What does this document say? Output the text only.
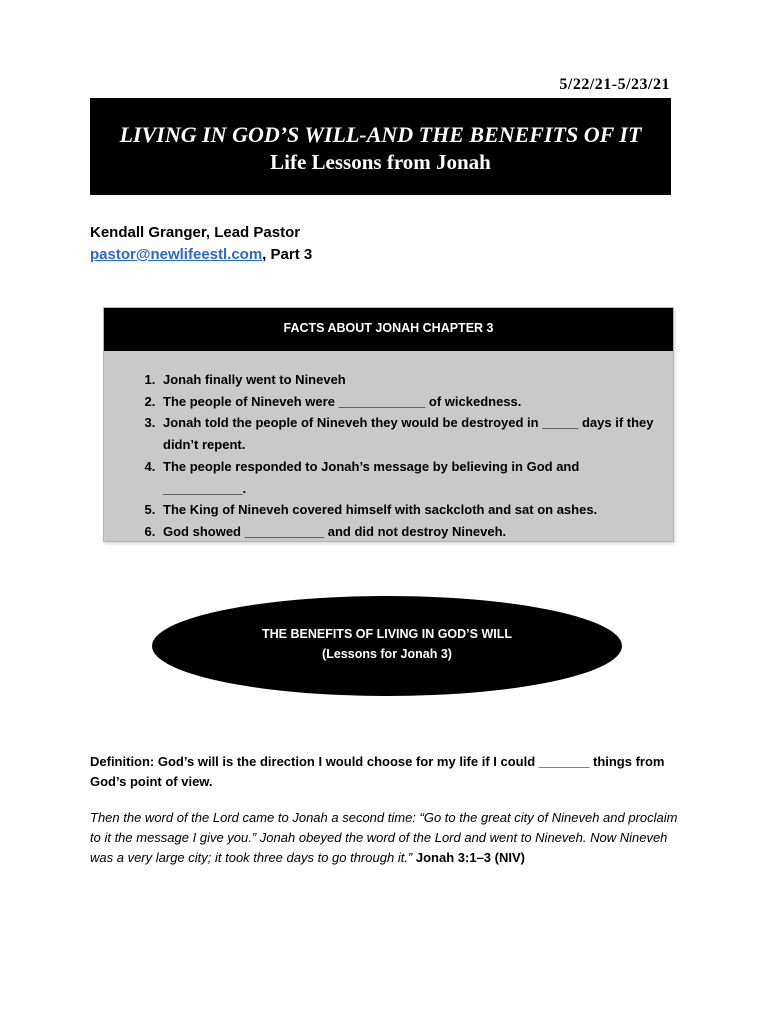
5/22/21-5/23/21
LIVING IN GOD’S WILL-AND THE BENEFITS OF IT
Life Lessons from Jonah
Kendall Granger, Lead Pastor
pastor@newlifeestl.com, Part 3
FACTS ABOUT JONAH CHAPTER 3
1. Jonah finally went to Nineveh
2. The people of Nineveh were ____________ of wickedness.
3. Jonah told the people of Nineveh they would be destroyed in _____ days if they didn’t repent.
4. The people responded to Jonah’s message by believing in God and ___________.
5. The King of Nineveh covered himself with sackcloth and sat on ashes.
6. God showed ___________ and did not destroy Nineveh.
THE BENEFITS OF LIVING IN GOD’S WILL
(Lessons for Jonah 3)
Definition: God’s will is the direction I would choose for my life if I could _______ things from God’s point of view.
Then the word of the Lord came to Jonah a second time: “Go to the great city of Nineveh and proclaim to it the message I give you.” Jonah obeyed the word of the Lord and went to Nineveh. Now Nineveh was a very large city; it took three days to go through it.” Jonah 3:1–3 (NIV)
